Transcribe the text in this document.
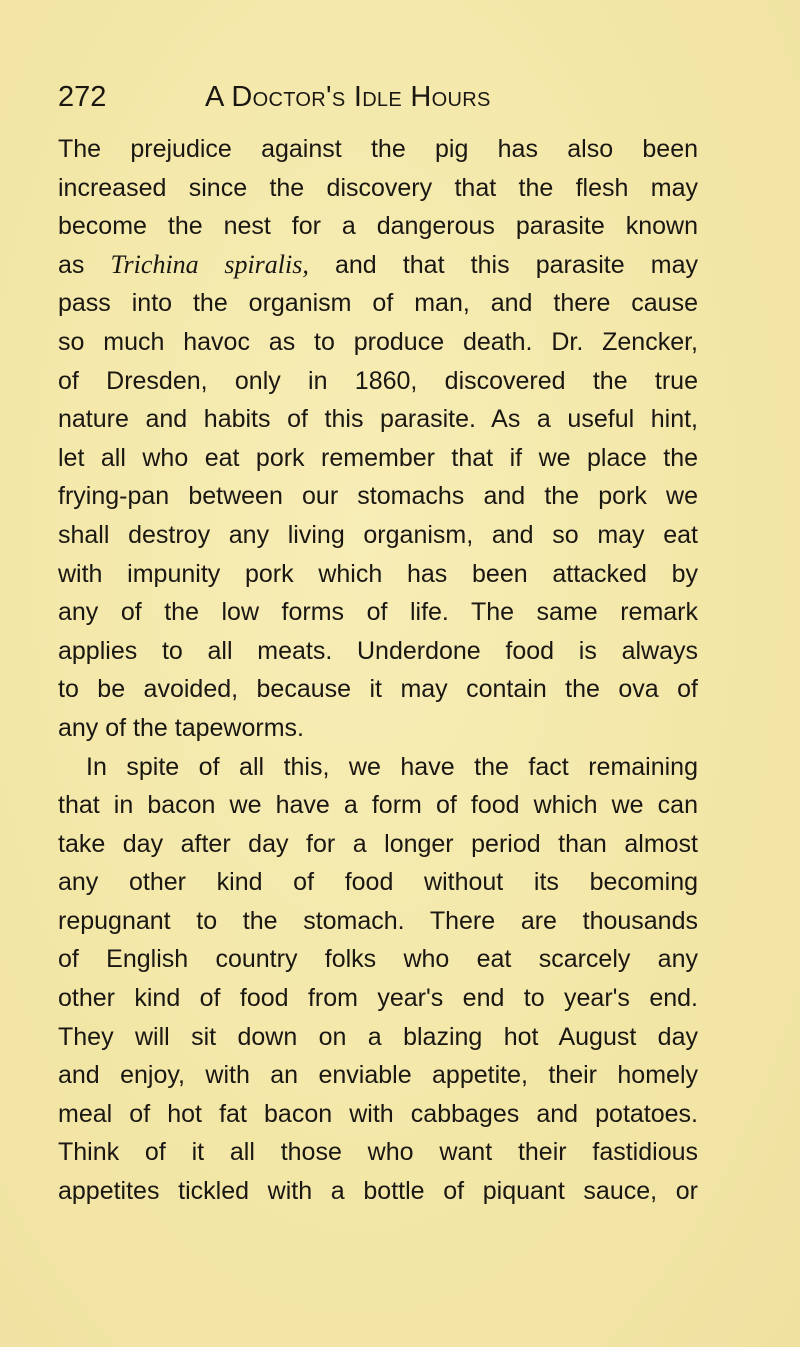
272	A Doctor's Idle Hours
The prejudice against the pig has also been
increased since the discovery that the flesh may
become the nest for a dangerous parasite known
as Trichina spiralis, and that this parasite may
pass into the organism of man, and there cause
so much havoc as to produce death. Dr. Zencker,
of Dresden, only in 1860, discovered the true
nature and habits of this parasite. As a useful hint,
let all who eat pork remember that if we place the
frying-pan between our stomachs and the pork we
shall destroy any living organism, and so may eat
with impunity pork which has been attacked by
any of the low forms of life. The same remark
applies to all meats. Underdone food is always
to be avoided, because it may contain the ova of
any of the tapeworms.
In spite of all this, we have the fact remaining
that in bacon we have a form of food which we can
take day after day for a longer period than almost
any other kind of food without its becoming
repugnant to the stomach. There are thousands
of English country folks who eat scarcely any
other kind of food from year's end to year's end.
They will sit down on a blazing hot August day
and enjoy, with an enviable appetite, their homely
meal of hot fat bacon with cabbages and potatoes.
Think of it all those who want their fastidious
appetites tickled with a bottle of piquant sauce, or
